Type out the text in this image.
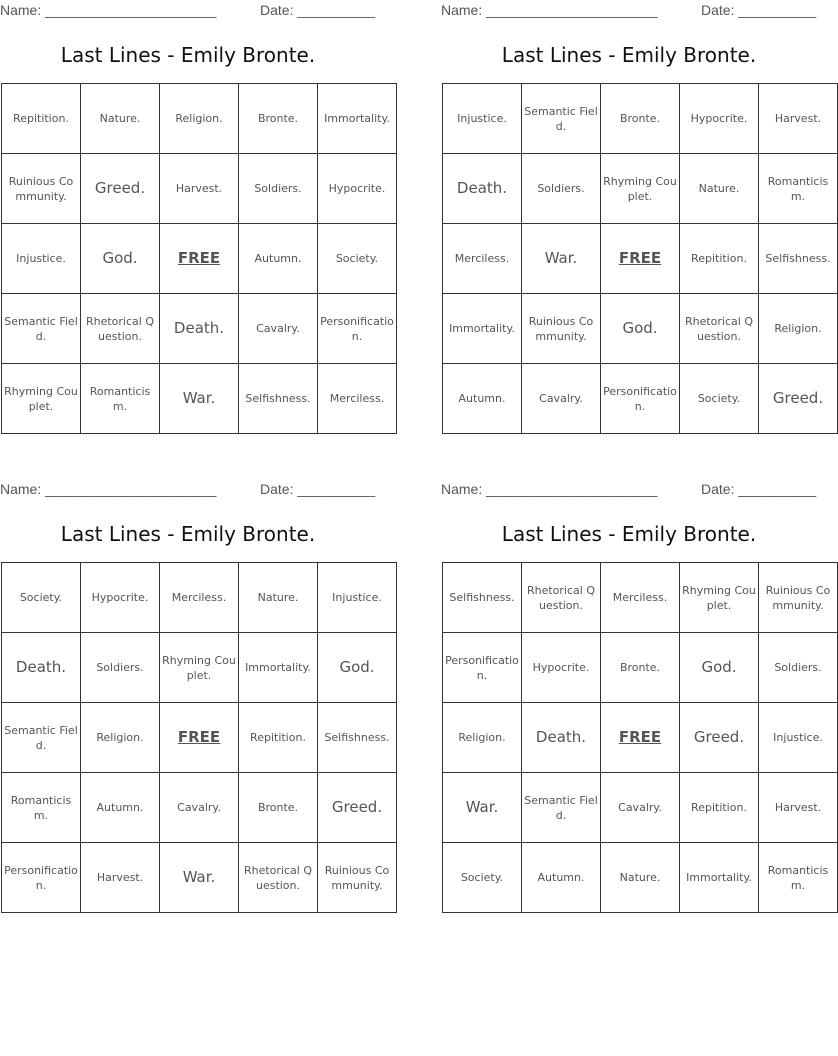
Name: ______________________	Date: __________
Last Lines - Emily Bronte.
Repitition.	Nature.	Religion.	Bronte.	Immortality.
Ruinious Community.	Greed.	Harvest.	Soldiers.	Hypocrite.
Injustice.	God.	FREE	Autumn.	Society.
Semantic Field.	Rhetorical Question.	Death.	Cavalry.	Personification.
Rhyming Couplet.	Romanticism.	War.	Selfishness.	Merciless.
Name: ______________________	Date: __________
Last Lines - Emily Bronte.
Injustice.	Semantic Field.	Bronte.	Hypocrite.	Harvest.
Death.	Soldiers.	Rhyming Couplet.	Nature.	Romanticism.
Merciless.	War.	FREE	Repitition.	Selfishness.
Immortality.	Ruinious Community.	God.	Rhetorical Question.	Religion.
Autumn.	Cavalry.	Personification.	Society.	Greed.
Name: ______________________	Date: __________
Last Lines - Emily Bronte.
Society.	Hypocrite.	Merciless.	Nature.	Injustice.
Death.	Soldiers.	Rhyming Couplet.	Immortality.	God.
Semantic Field.	Religion.	FREE	Repitition.	Selfishness.
Romanticism.	Autumn.	Cavalry.	Bronte.	Greed.
Personification.	Harvest.	War.	Rhetorical Question.	Ruinious Community.
Name: ______________________	Date: __________
Last Lines - Emily Bronte.
Selfishness.	Rhetorical Question.	Merciless.	Rhyming Couplet.	Ruinious Community.
Personification.	Hypocrite.	Bronte.	God.	Soldiers.
Religion.	Death.	FREE	Greed.	Injustice.
War.	Semantic Field.	Cavalry.	Repitition.	Harvest.
Society.	Autumn.	Nature.	Immortality.	Romanticism.
